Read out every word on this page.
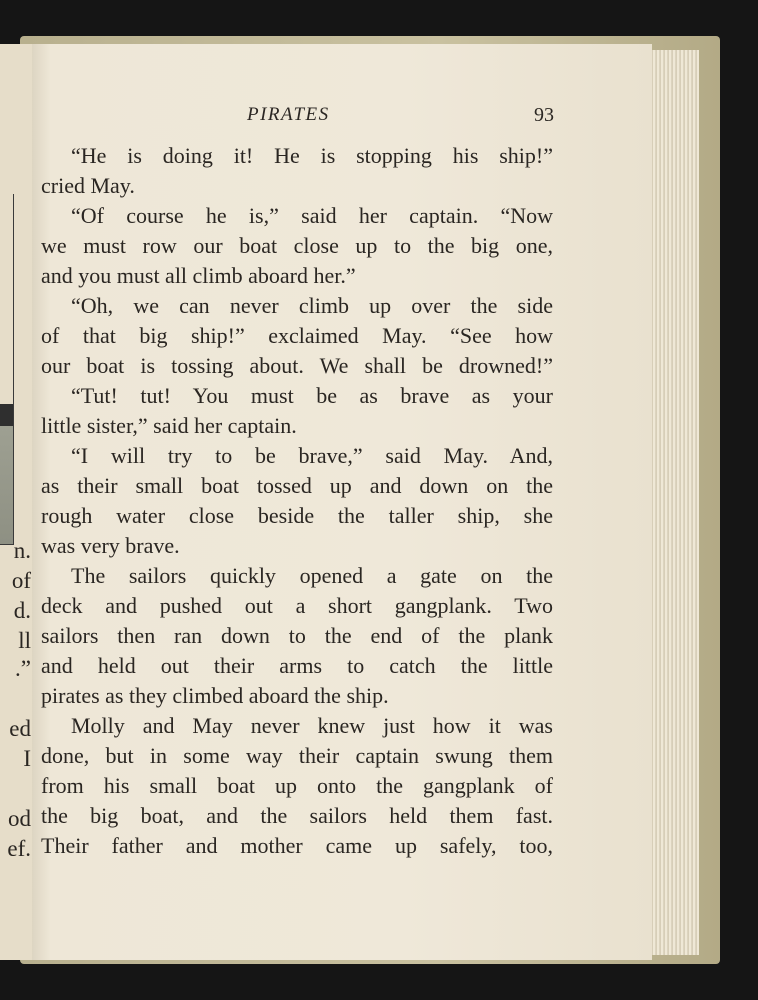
n.
of
d.
ll
.”
ed
I
od
ef.
PIRATES	93
“He is doing it! He is stopping his ship!”
cried May.
“Of course he is,” said her captain. “Now
we must row our boat close up to the big one,
and you must all climb aboard her.”
“Oh, we can never climb up over the side
of that big ship!” exclaimed May. “See how
our boat is tossing about. We shall be drowned!”
“Tut! tut! You must be as brave as your
little sister,” said her captain.
“I will try to be brave,” said May. And,
as their small boat tossed up and down on the
rough water close beside the taller ship, she
was very brave.
The sailors quickly opened a gate on the
deck and pushed out a short gangplank. Two
sailors then ran down to the end of the plank
and held out their arms to catch the little
pirates as they climbed aboard the ship.
Molly and May never knew just how it was
done, but in some way their captain swung them
from his small boat up onto the gangplank of
the big boat, and the sailors held them fast.
Their father and mother came up safely, too,
